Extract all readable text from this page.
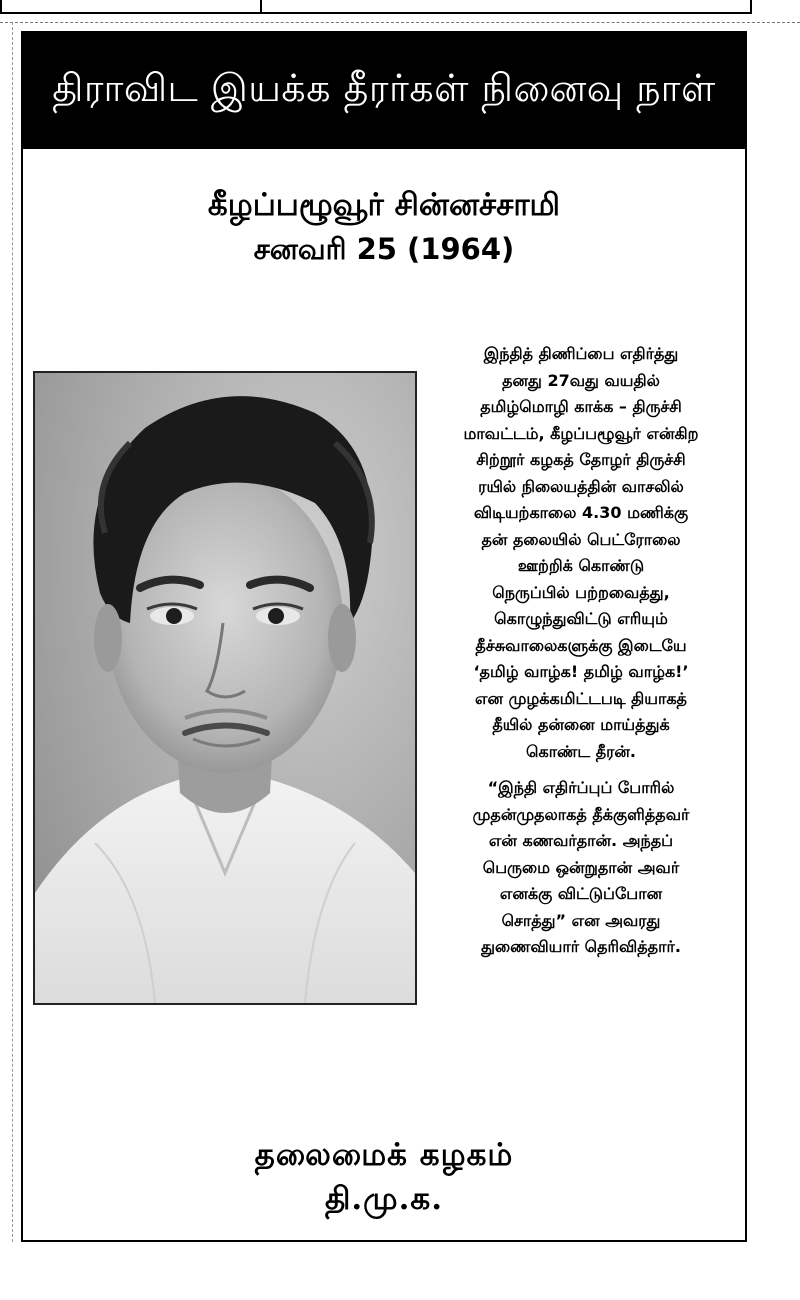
திராவிட இயக்க தீரர்கள் நினைவு நாள்
கீழப்பழூவூர் சின்னச்சாமி
சனவரி 25 (1964)

இந்தித் திணிப்பை எதிர்த்து
தனது 27வது வயதில்
தமிழ்மொழி காக்க – திருச்சி
மாவட்டம், கீழப்பழூவூர் என்கிற
சிற்றூர் கழகத் தோழர் திருச்சி
ரயில் நிலையத்தின் வாசலில்
விடியற்காலை 4.30 மணிக்கு
தன் தலையில் பெட்ரோலை
ஊற்றிக் கொண்டு
நெருப்பில் பற்றவைத்து,
கொழுந்துவிட்டு எரியும்
தீச்சுவாலைகளுக்கு இடையே
‘தமிழ் வாழ்க! தமிழ் வாழ்க!’
என முழக்கமிட்டபடி தியாகத்
தீயில் தன்னை மாய்த்துக்
கொண்ட தீரன்.

“இந்தி எதிர்ப்புப் போரில்
முதன்முதலாகத் தீக்குளித்தவர்
என் கணவர்தான். அந்தப்
பெருமை ஒன்றுதான் அவர்
எனக்கு விட்டுப்போன
சொத்து” என அவரது
துணைவியார் தெரிவித்தார்.

தலைமைக் கழகம்
தி.மு.க.
